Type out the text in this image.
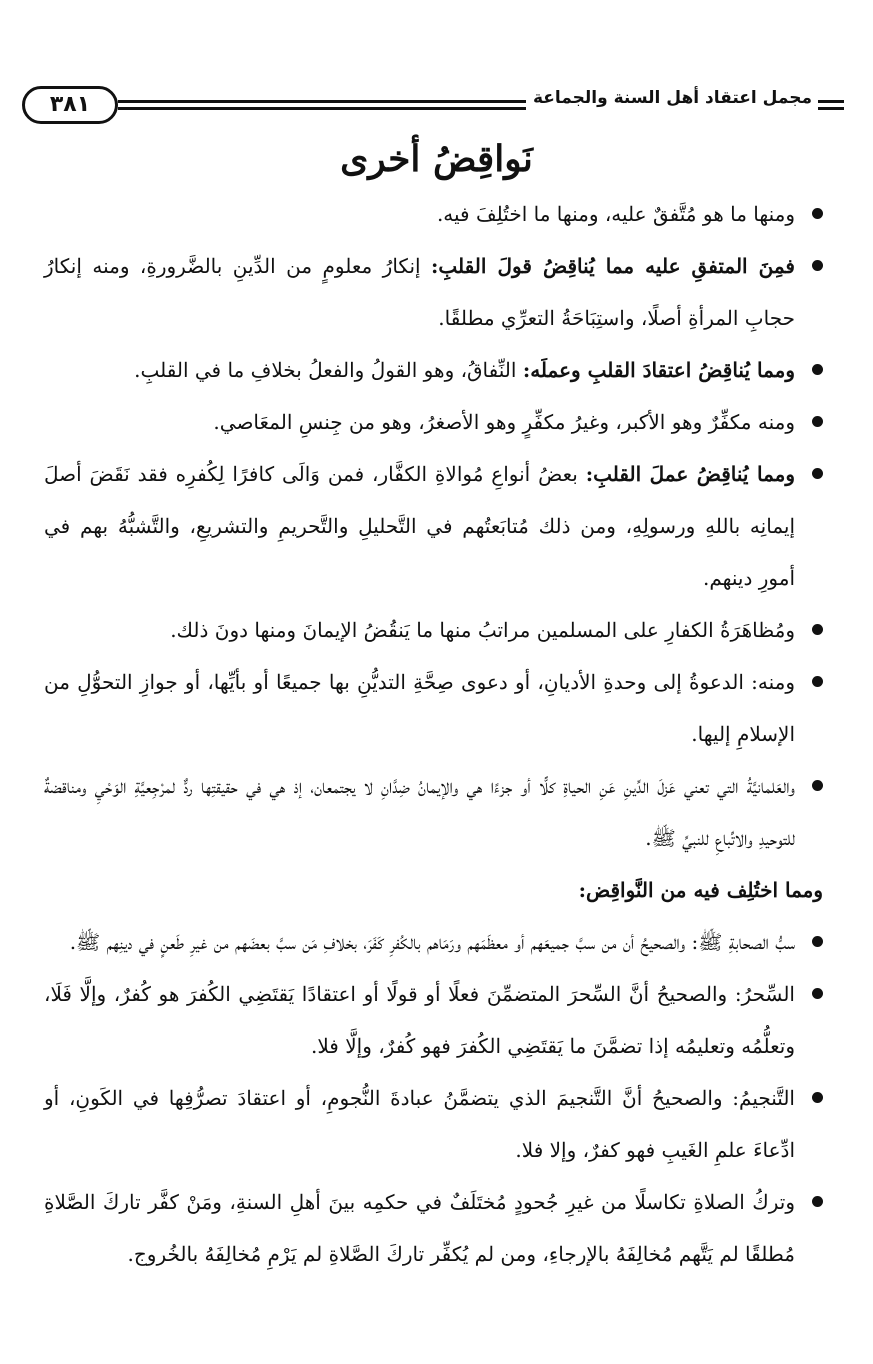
مجمل اعتقاد أهل السنة والجماعة
٣٨١
نَواقِضُ أخرى
ومنها ما هو مُتَّفقٌ عليه، ومنها ما اختُلِفَ فيه.
فمِنَ المتفقِ عليه مما يُناقِضُ قولَ القلبِ: إنكارُ معلومٍ من الدِّينِ بالضَّرورةِ، ومنه إنكارُ حجابِ المرأةِ أصلًا، واستِبَاحَةُ التعرِّي مطلقًا.
ومما يُناقِضُ اعتقادَ القلبِ وعملَه: النِّفاقُ، وهو القولُ والفعلُ بخلافِ ما في القلبِ.
ومنه مكفِّرٌ وهو الأكبر، وغيرُ مكفِّرٍ وهو الأصغرُ، وهو من جِنسِ المعَاصي.
ومما يُناقِضُ عملَ القلبِ: بعضُ أنواعِ مُوالاةِ الكفَّار، فمن وَالَى كافرًا لِكُفرِه فقد نَقَضَ أصلَ إيمانِه باللهِ ورسولِهِ، ومن ذلك مُتابَعتُهم في التَّحليلِ والتَّحريمِ والتشريعِ، والتَّشبُّهُ بهم في أمورِ دينهم.
ومُظاهَرَةُ الكفارِ على المسلمين مراتبُ منها ما يَنقُضُ الإيمانَ ومنها دونَ ذلك.
ومنه: الدعوةُ إلى وحدةِ الأديانِ، أو دعوى صِحَّةِ التديُّنِ بها جميعًا أو بأيِّها، أو جوازِ التحوُّلِ من الإسلامِ إليها.
والعَلمانيَّةُ التي تعني عَزلَ الدِّينِ عَنِ الحياةِ كلًّا أو جزءًا هي والإيمانُ ضِدَّانِ لا يجتمعان، إذ هي في حقيقتِها ردٌّ لمرْجِعيَّةِ الوَحْيِ ومناقضةٌ للتوحيدِ والاتِّباعِ للنبيِّ ﷺ.
ومما اختُلِف فيه من النَّواقِض:
سبُّ الصحابةِ ﷺ: والصحيحُ أن من سبَّ جميعَهم أو معظَمَهم ورَمَاهم بالكُفرِ كَفَرَ، بخلافِ مَن سبَّ بعضَهم من غيرِ طَعنٍ في دينِهم ﷺ.
السِّحرُ: والصحيحُ أنَّ السِّحرَ المتضمِّنَ فعلًا أو قولًا أو اعتقادًا يَقتَضِي الكُفرَ هو كُفرٌ، وإلَّا فَلَا، وتعلُّمُه وتعليمُه إذا تضمَّنَ ما يَقتَضِي الكُفرَ فهو كُفرٌ، وإلَّا فلا.
التَّنجيمُ: والصحيحُ أنَّ التَّنجيمَ الذي يتضمَّنُ عبادةَ النُّجومِ، أو اعتقادَ تصرُّفِها في الكَونِ، أو ادِّعاءَ علمِ الغَيبِ فهو كفرٌ، وإلا فلا.
وتركُ الصلاةِ تكاسلًا من غيرِ جُحودٍ مُختَلَفٌ في حكمِه بينَ أهلِ السنةِ، ومَنْ كفَّر تاركَ الصَّلاةِ مُطلقًا لم يَتَّهم مُخالِفَهُ بالإرجاءِ، ومن لم يُكفِّر تاركَ الصَّلاةِ لم يَرْمِ مُخالِفَهُ بالخُروج.
